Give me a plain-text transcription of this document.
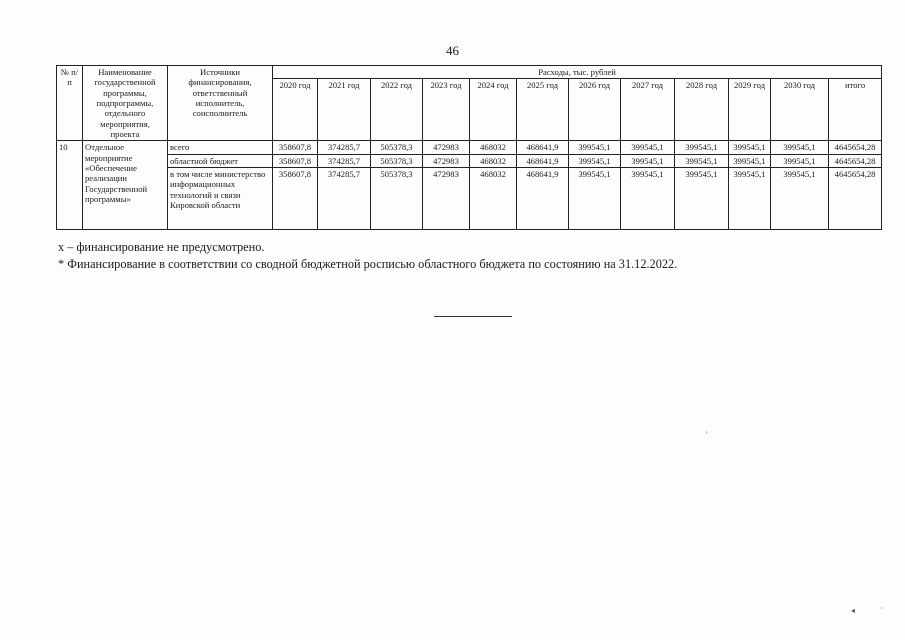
46
№ п/п	Наименование государственной программы, подпрограммы, отдельного мероприятия, проекта	Источники финансирования, ответственный исполнитель, соисполнитель	Расходы, тыс. рублей											
			2020 год	2021 год	2022 год	2023 год	2024 год	2025 год	2026 год	2027 год	2028 год	2029 год	2030 год	итого
10	Отдельное мероприятие «Обеспечение реализации Государственной программы»	всего	358607,8	374285,7	505378,3	472983	468032	468641,9	399545,1	399545,1	399545,1	399545,1	399545,1	4645654,28
		областной бюджет	358607,8	374285,7	505378,3	472983	468032	468641,9	399545,1	399545,1	399545,1	399545,1	399545,1	4645654,28
		в том числе министерство информационных технологий и связи Кировской области	358607,8	374285,7	505378,3	472983	468032	468641,9	399545,1	399545,1	399545,1	399545,1	399545,1	4645654,28
х – финансирование не предусмотрено.
* Финансирование в соответствии со сводной бюджетной росписью областного бюджета по состоянию на 31.12.2022.
'
◂	·
